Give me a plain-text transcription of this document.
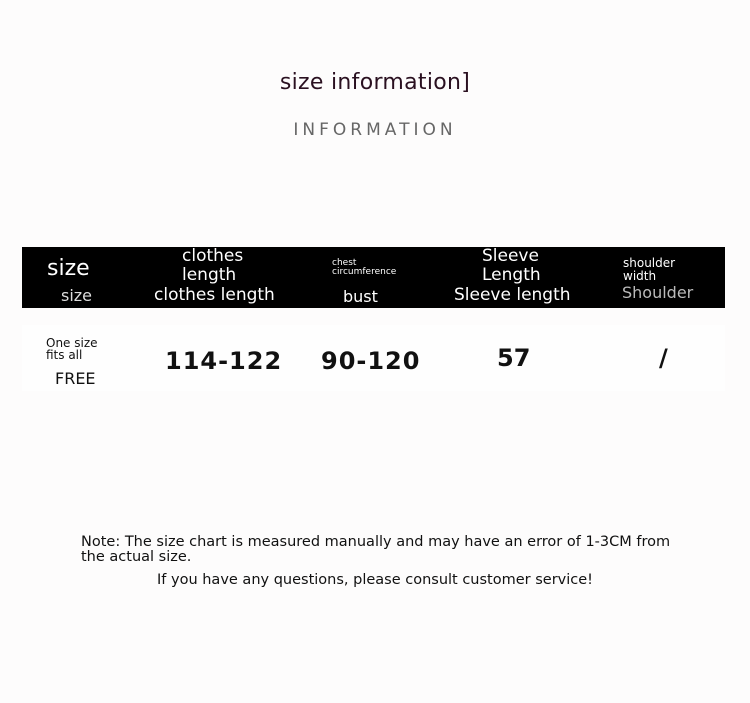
size information]
INFORMATION
size
size
clothes length
clothes length
chest circumference
bust
Sleeve Length
Sleeve length
shoulder width
Shoulder
One size fits all
FREE
114-122 90-120	57	/
Note: The size chart is measured manually and may have an error of 1-3CM from the actual size.
If you have any questions, please consult customer service!
